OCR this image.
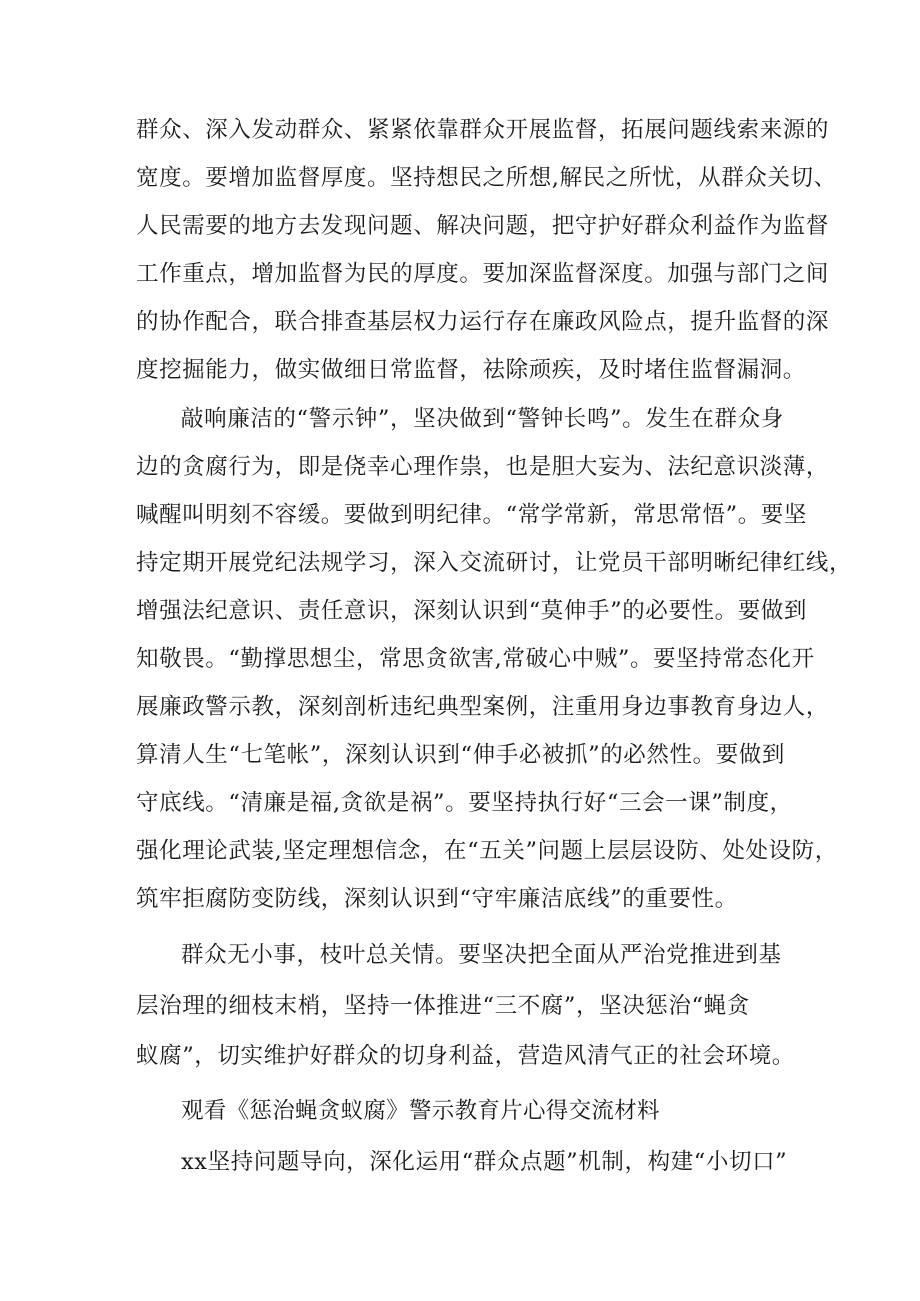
群众、深入发动群众、紧紧依靠群众开展监督，拓展问题线索来源的
宽度。要增加监督厚度。坚持想民之所想,解民之所忧，从群众关切、
人民需要的地方去发现问题、解决问题，把守护好群众利益作为监督
工作重点，增加监督为民的厚度。要加深监督深度。加强与部门之间
的协作配合，联合排查基层权力运行存在廉政风险点，提升监督的深
度挖掘能力，做实做细日常监督，祛除顽疾，及时堵住监督漏洞。
敲响廉洁的“警示钟”，坚决做到“警钟长鸣”。发生在群众身
边的贪腐行为，即是侥幸心理作祟，也是胆大妄为、法纪意识淡薄，
喊醒叫明刻不容缓。要做到明纪律。“常学常新，常思常悟”。要坚
持定期开展党纪法规学习，深入交流研讨，让党员干部明晰纪律红线，
增强法纪意识、责任意识，深刻认识到“莫伸手”的必要性。要做到
知敬畏。“勤撑思想尘，常思贪欲害,常破心中贼”。要坚持常态化开
展廉政警示教，深刻剖析违纪典型案例，注重用身边事教育身边人，
算清人生“七笔帐”，深刻认识到“伸手必被抓”的必然性。要做到
守底线。“清廉是福,贪欲是祸”。要坚持执行好“三会一课”制度，
强化理论武装,坚定理想信念，在“五关”问题上层层设防、处处设防，
筑牢拒腐防变防线，深刻认识到“守牢廉洁底线”的重要性。
群众无小事，枝叶总关情。要坚决把全面从严治党推进到基
层治理的细枝末梢，坚持一体推进“三不腐”，坚决惩治“蝇贪
蚁腐”，切实维护好群众的切身利益，营造风清气正的社会环境。
观看《惩治蝇贪蚁腐》警示教育片心得交流材料
xx坚持问题导向，深化运用“群众点题”机制，构建“小切口”
